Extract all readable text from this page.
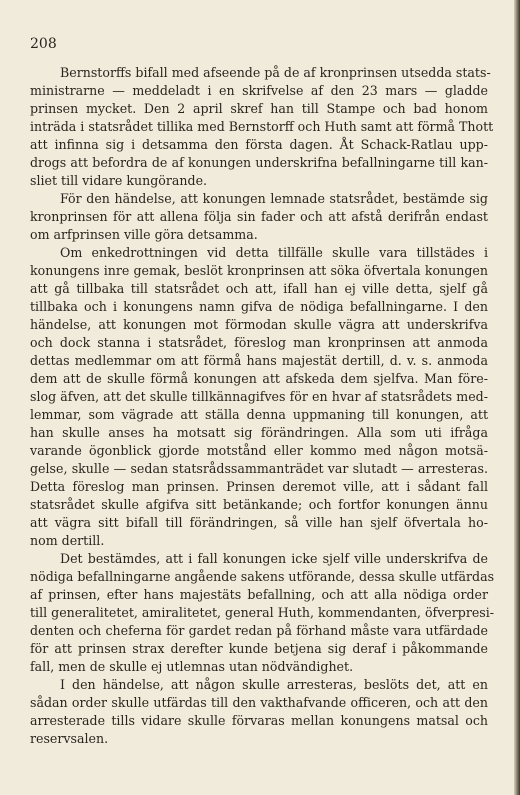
208
Bernstorffs bifall med afseende på de af kronprinsen utsedda stats-
ministrarne — meddeladt i en skrifvelse af den 23 mars — gladde
prinsen mycket. Den 2 april skref han till Stampe och bad honom
inträda i statsrådet tillika med Bernstorff och Huth samt att förmå Thott
att infinna sig i detsamma den första dagen. Åt Schack-Ratlau upp-
drogs att befordra de af konungen underskrifna befallningarne till kan-
sliet till vidare kungörande.
För den händelse, att konungen lemnade statsrådet, bestämde sig
kronprinsen för att allena följa sin fader och att afstå derifrån endast
om arfprinsen ville göra detsamma.
Om enkedrottningen vid detta tillfälle skulle vara tillstädes i
konungens inre gemak, beslöt kronprinsen att söka öfvertala konungen
att gå tillbaka till statsrådet och att, ifall han ej ville detta, sjelf gå
tillbaka och i konungens namn gifva de nödiga befallningarne. I den
händelse, att konungen mot förmodan skulle vägra att underskrifva
och dock stanna i statsrådet, föreslog man kronprinsen att anmoda
dettas medlemmar om att förmå hans majestät dertill, d. v. s. anmoda
dem att de skulle förmå konungen att afskeda dem sjelfva. Man före-
slog äfven, att det skulle tillkännagifves för en hvar af statsrådets med-
lemmar, som vägrade att ställa denna uppmaning till konungen, att
han skulle anses ha motsatt sig förändringen. Alla som uti ifråga
varande ögonblick gjorde motstånd eller kommo med någon motsä-
gelse, skulle — sedan statsrådssammanträdet var slutadt — arresteras.
Detta föreslog man prinsen. Prinsen deremot ville, att i sådant fall
statsrådet skulle afgifva sitt betänkande; och fortfor konungen ännu
att vägra sitt bifall till förändringen, så ville han sjelf öfvertala ho-
nom dertill.
Det bestämdes, att i fall konungen icke sjelf ville underskrifva de
nödiga befallningarne angående sakens utförande, dessa skulle utfärdas
af prinsen, efter hans majestäts befallning, och att alla nödiga order
till generalitetet, amiralitetet, general Huth, kommendanten, öfverpresi-
denten och cheferna för gardet redan på förhand måste vara utfärdade
för att prinsen strax derefter kunde betjena sig deraf i påkommande
fall, men de skulle ej utlemnas utan nödvändighet.
I den händelse, att någon skulle arresteras, beslöts det, att en
sådan order skulle utfärdas till den vakthafvande officeren, och att den
arresterade tills vidare skulle förvaras mellan konungens matsal och
reservsalen.
